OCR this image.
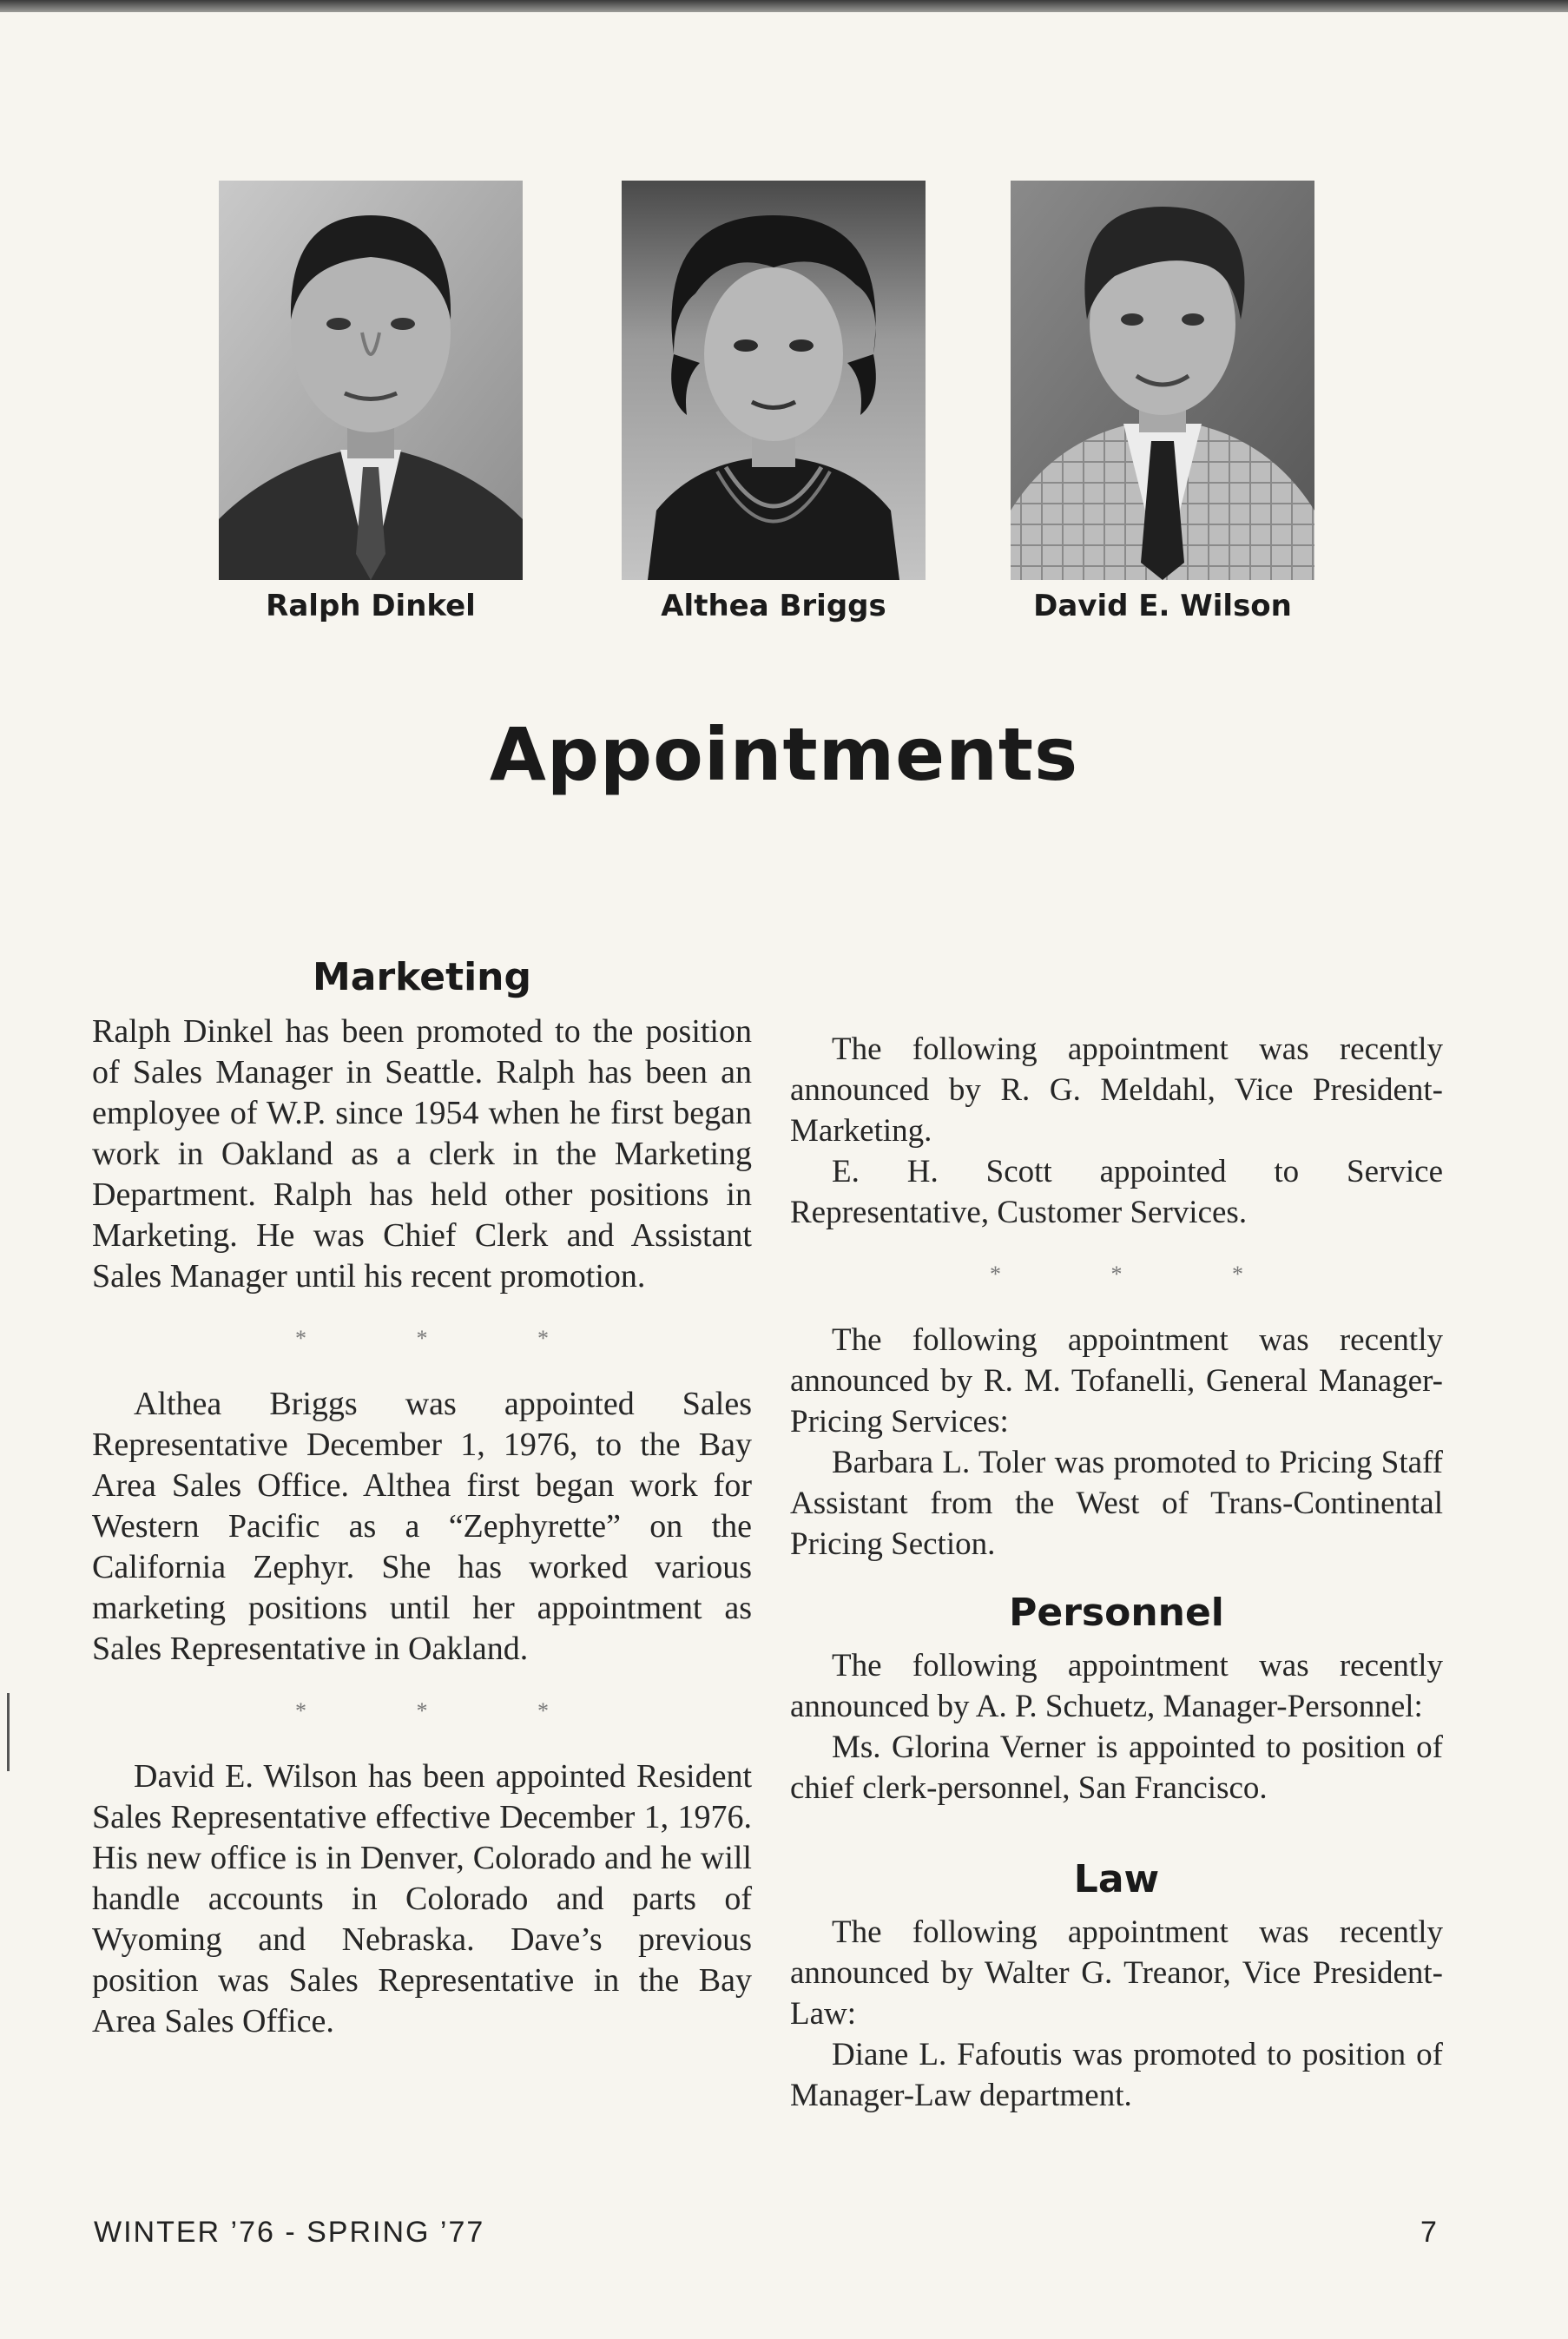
Ralph Dinkel	Althea Briggs	David E. Wilson
Appointments
Marketing

Ralph Dinkel has been promoted to the position of Sales Manager in Seattle. Ralph has been an employee of W.P. since 1954 when he first began work in Oakland as a clerk in the Marketing Department. Ralph has held other positions in Marketing. He was Chief Clerk and Assistant Sales Manager until his recent promotion.

* * *

Althea Briggs was appointed Sales Representative December 1, 1976, to the Bay Area Sales Office. Althea first began work for Western Pacific as a “Zephyrette” on the California Zephyr. She has worked various marketing positions until her appointment as Sales Representative in Oakland.

* * *

David E. Wilson has been appointed Resident Sales Representative effective December 1, 1976. His new office is in Denver, Colorado and he will handle accounts in Colorado and parts of Wyoming and Nebraska. Dave’s previous position was Sales Representative in the Bay Area Sales Office.

The following appointment was recently announced by R. G. Meldahl, Vice President-Marketing.

E. H. Scott appointed to Service Representative, Customer Services.

* * *

The following appointment was recently announced by R. M. Tofanelli, General Manager-Pricing Services:

Barbara L. Toler was promoted to Pricing Staff Assistant from the West of Trans-Continental Pricing Section.

Personnel

The following appointment was recently announced by A. P. Schuetz, Manager-Personnel:

Ms. Glorina Verner is appointed to position of chief clerk-personnel, San Francisco.

Law

The following appointment was recently announced by Walter G. Treanor, Vice President-Law:

Diane L. Fafoutis was promoted to position of Manager-Law department.

WINTER ’76 - SPRING ’77	7
